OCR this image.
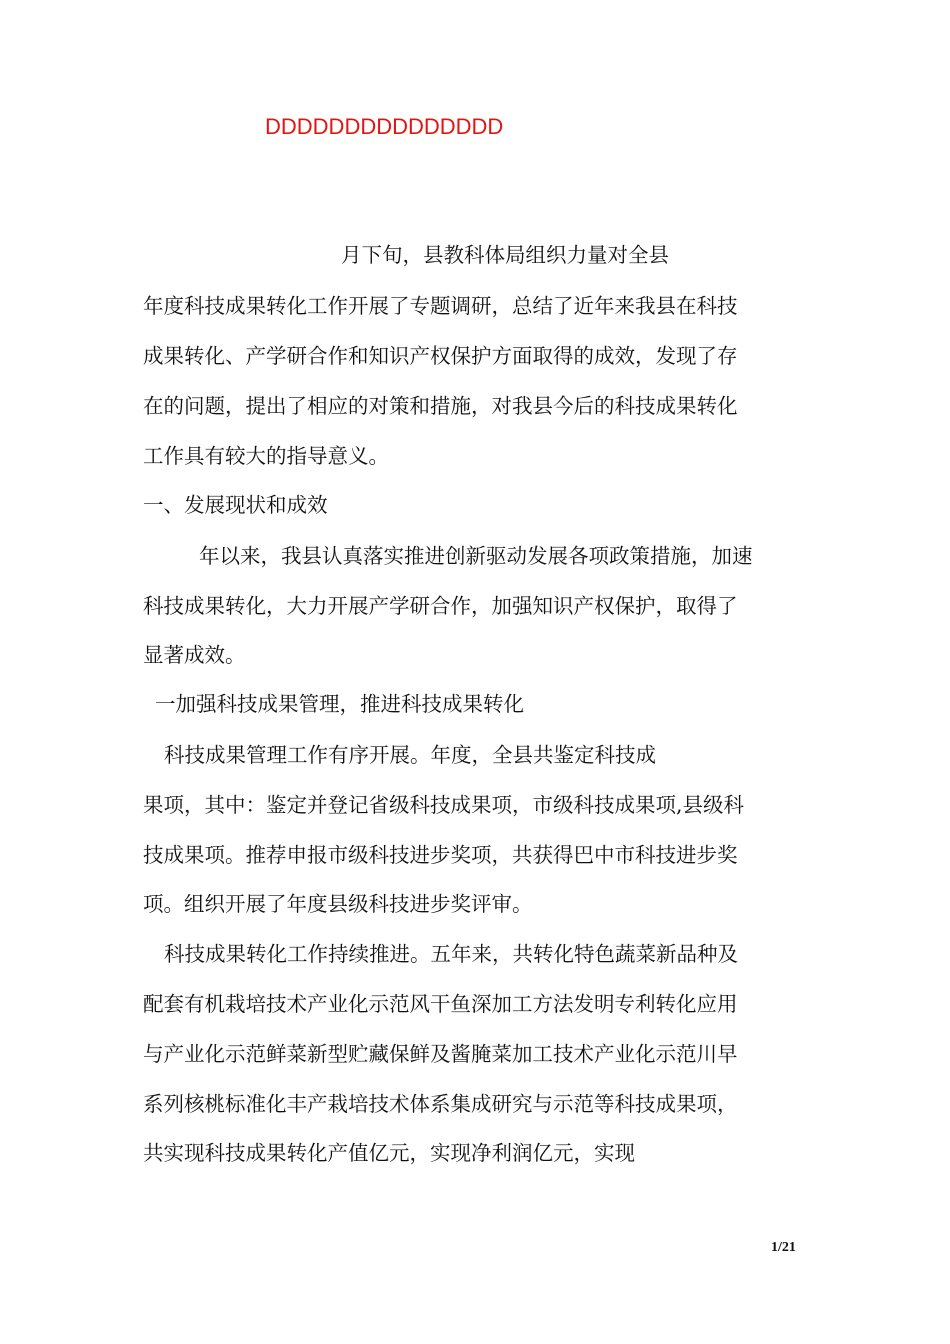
DDDDDDDDDDDDDDD
月下旬，县教科体局组织力量对全县
年度科技成果转化工作开展了专题调研，总结了近年来我县在科技
成果转化、产学研合作和知识产权保护方面取得的成效，发现了存
在的问题，提出了相应的对策和措施，对我县今后的科技成果转化
工作具有较大的指导意义。
一、发展现状和成效
年以来，我县认真落实推进创新驱动发展各项政策措施，加速
科技成果转化，大力开展产学研合作，加强知识产权保护，取得了
显著成效。
一加强科技成果管理，推进科技成果转化
科技成果管理工作有序开展。年度，全县共鉴定科技成
果项，其中：鉴定并登记省级科技成果项，市级科技成果项,县级科
技成果项。推荐申报市级科技进步奖项，共获得巴中市科技进步奖
项。组织开展了年度县级科技进步奖评审。
科技成果转化工作持续推进。五年来，共转化特色蔬菜新品种及
配套有机栽培技术产业化示范风干鱼深加工方法发明专利转化应用
与产业化示范鲜菜新型贮藏保鲜及酱腌菜加工技术产业化示范川早
系列核桃标准化丰产栽培技术体系集成研究与示范等科技成果项，
共实现科技成果转化产值亿元，实现净利润亿元，实现
1/21
